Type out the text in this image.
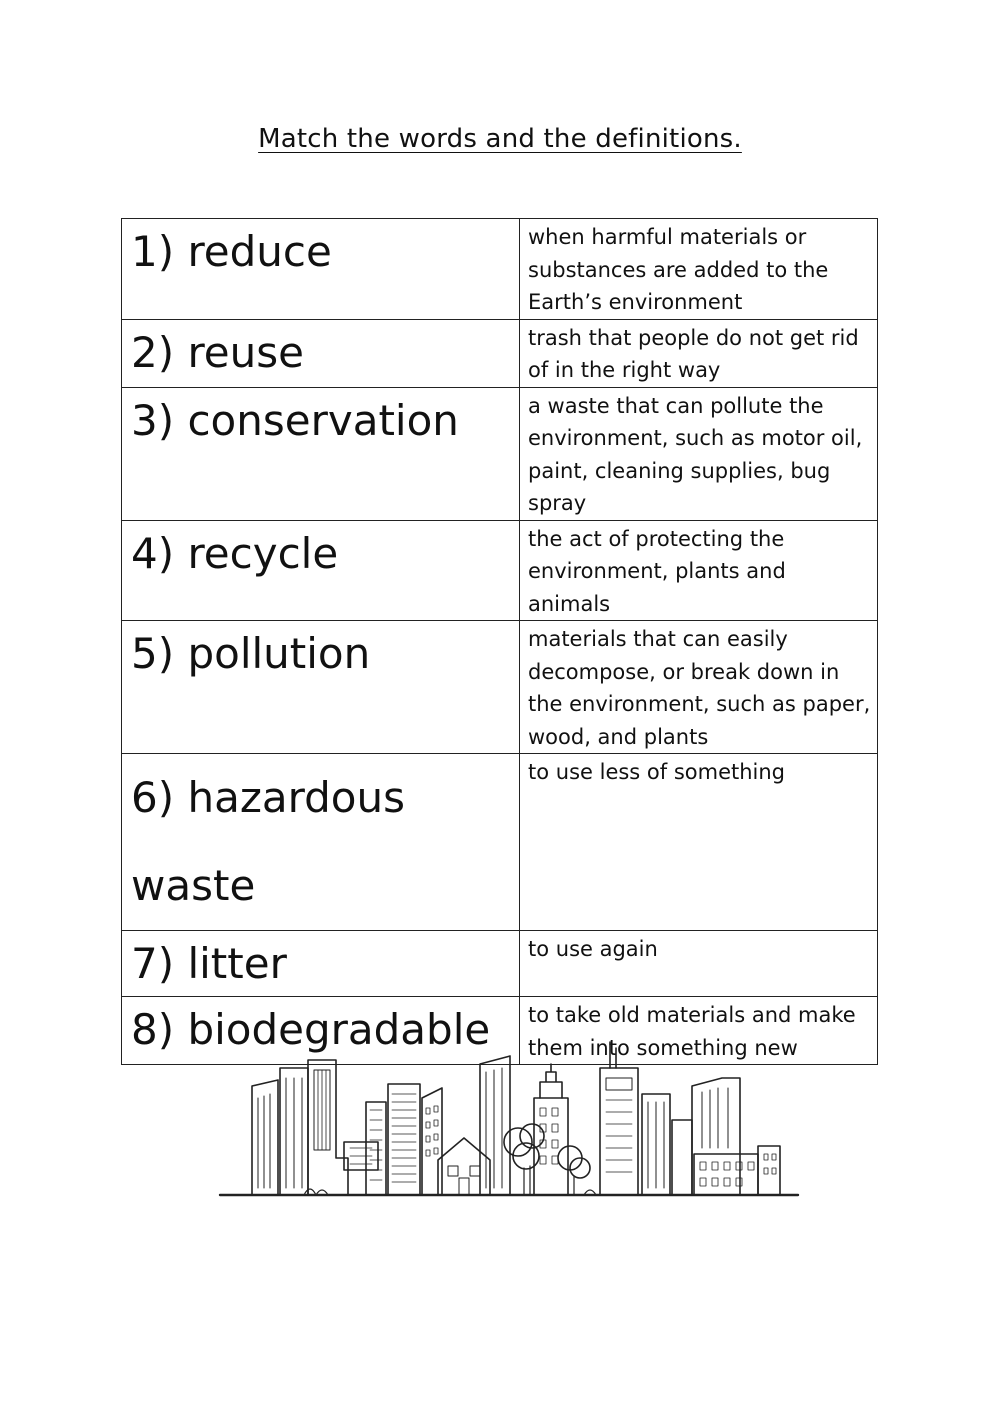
Match the words and the definitions.
1) reduce	when harmful materials or substances are added to the Earth’s environment
2) reuse	trash that people do not get rid of in the right way
3) conservation	a waste that can pollute the environment, such as motor oil, paint, cleaning supplies, bug spray
4) recycle	the act of protecting the environment, plants and animals
5) pollution	materials that can easily decompose, or break down in the environment, such as paper, wood, and plants
6) hazardous waste	to use less of something
7) litter	to use again
8) biodegradable	to take old materials and make them into something new
